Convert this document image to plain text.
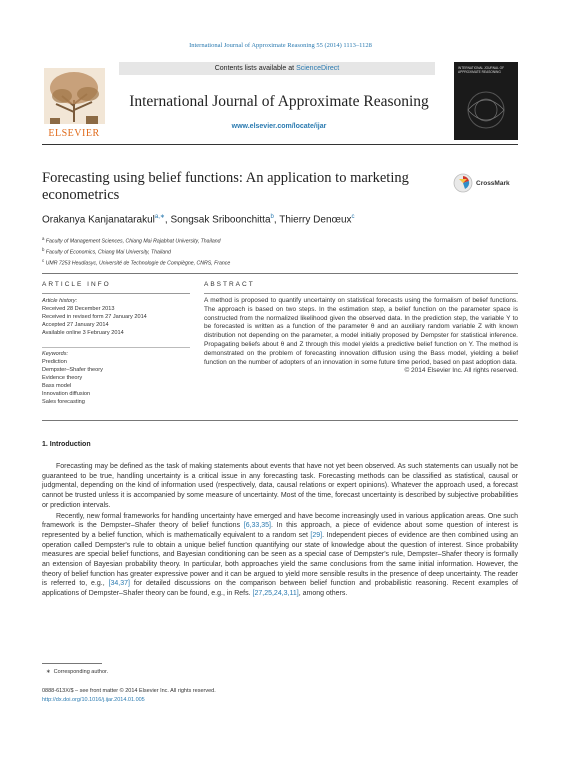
International Journal of Approximate Reasoning 55 (2014) 1113–1128
Contents lists available at ScienceDirect
ELSEVIER
International Journal of Approximate Reasoning
www.elsevier.com/locate/ijar
INTERNATIONAL JOURNAL OF APPROXIMATE REASONING
Forecasting using belief functions: An application to marketing econometrics
CrossMark
Orakanya Kanjanatarakul$^{a,∗}$, Songsak Sriboonchitta$^b$, Thierry Denœux$^c$
$^a$ Faculty of Management Sciences, Chiang Mai Rajabhat University, Thailand
$^b$ Faculty of Economics, Chiang Mai University, Thailand
$^c$ UMR 7253 Heudiasyc, Université de Technologie de Compiègne, CNRS, France
ARTICLE INFO	ABSTRACT
Article history:
Received 28 December 2013
Received in revised form 27 January 2014
Accepted 27 January 2014
Available online 3 February 2014
Keywords:
Prediction
Dempster–Shafer theory
Evidence theory
Bass model
Innovation diffusion
Sales forecasting
A method is proposed to quantify uncertainty on statistical forecasts using the formalism of belief functions. The approach is based on two steps. In the estimation step, a belief function on the parameter space is constructed from the normalized likelihood given the observed data. In the prediction step, the variable Y to be forecasted is written as a function of the parameter θ and an auxiliary random variable Z with known distribution not depending on the parameter, a model initially proposed by Dempster for statistical inference. Propagating beliefs about θ and Z through this model yields a predictive belief function on Y. The method is demonstrated on the problem of forecasting innovation diffusion using the Bass model, yielding a belief function on the number of adopters of an innovation in some future time period, based on past adoption data.
© 2014 Elsevier Inc. All rights reserved.
1. Introduction

Forecasting may be defined as the task of making statements about events that have not yet been observed. As such statements can usually not be guaranteed to be true, handling uncertainty is a critical issue in any forecasting task. Forecasting methods can be classified as statistical, causal or judgmental, depending on the kind of information used (respectively, data, causal relations or expert opinions). Whatever the approach used, a forecast cannot be trusted unless it is accompanied by some measure of uncertainty. Most of the time, forecast uncertainty is described by subjective probabilities or prediction intervals.

Recently, new formal frameworks for handling uncertainty have emerged and have become increasingly used in various application areas. One such framework is the Dempster–Shafer theory of belief functions [6,33,35]. In this approach, a piece of evidence about some question of interest is represented by a belief function, which is mathematically equivalent to a random set [29]. Independent pieces of evidence are then combined using an operation called Dempster's rule to obtain a unique belief function quantifying our state of knowledge about the question of interest. Since probability measures are special belief functions, and Bayesian conditioning can be seen as a special case of Dempster's rule, Dempster–Shafer theory is formally an extension of Bayesian probability theory. In particular, both approaches yield the same conclusions from the same initial information. However, the theory of belief function has greater expressive power and it can be argued to yield more sensible results in the presence of deep uncertainty. The reader is referred to, e.g., [34,37] for detailed discussions on the comparison between belief function and probabilistic reasoning. Recent examples of applications of Dempster–Shafer theory can be found, e.g., in Refs. [27,25,24,3,11], among others.

∗ Corresponding author.
0888-613X/$ – see front matter © 2014 Elsevier Inc. All rights reserved.
http://dx.doi.org/10.1016/j.ijar.2014.01.005
